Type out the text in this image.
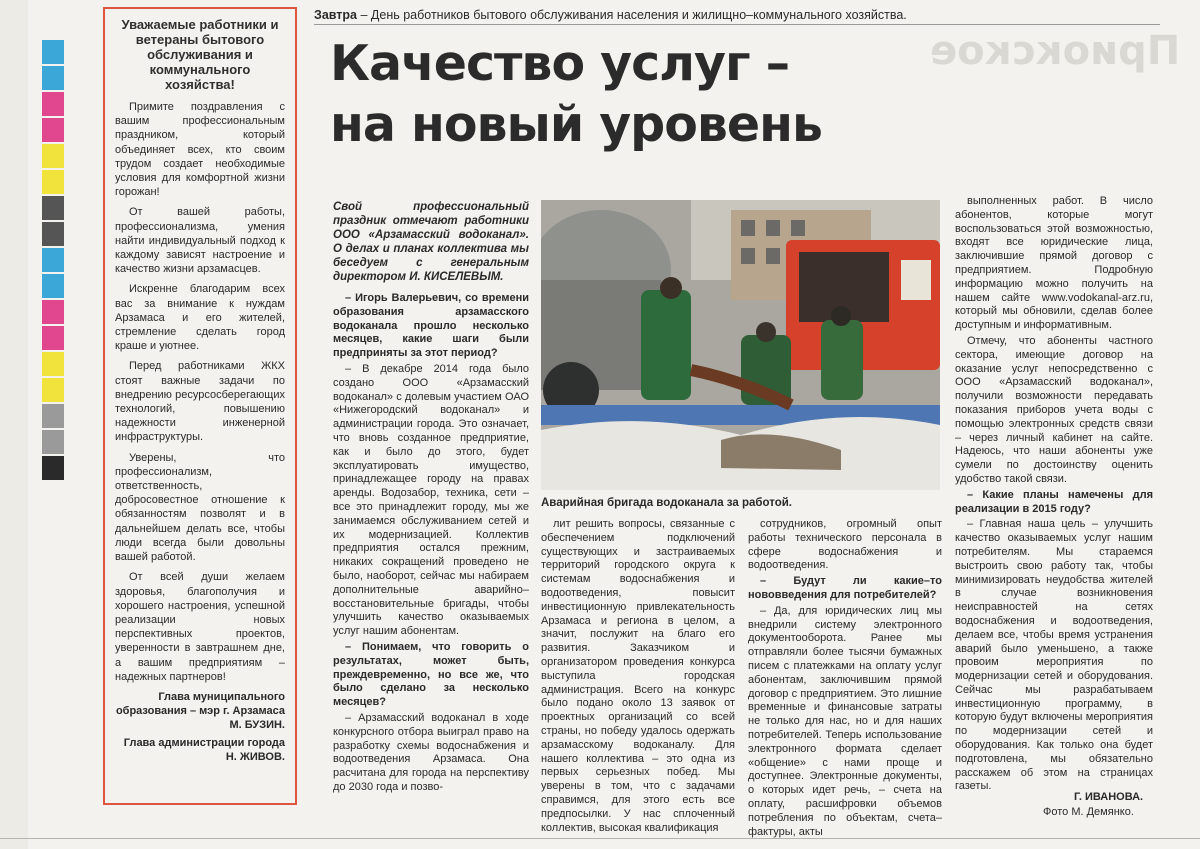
Уважаемые работники и ветераны бытового обслуживания и коммунального хозяйства!

Примите поздравления с вашим профессиональным праздником, который объединяет всех, кто своим трудом создает необходимые условия для комфортной жизни горожан!

От вашей работы, профессионализма, умения найти индивидуальный подход к каждому зависят настроение и качество жизни арзамасцев.

Искренне благодарим всех вас за внимание к нуждам Арзамаса и его жителей, стремление сделать город краше и уютнее.

Перед работниками ЖКХ стоят важные задачи по внедрению ресурсосберегающих технологий, повышению надежности инженерной инфраструктуры.

Уверены, что профессионализм, ответственность, добросовестное отношение к обязанностям позволят и в дальнейшем делать все, чтобы люди всегда были довольны вашей работой.

От всей души желаем здоровья, благополучия и хорошего настроения, успешной реализации новых перспективных проектов, уверенности в завтрашнем дне, а вашим предприятиям – надежных партнеров!

Глава муниципального образования – мэр г. Арзамаса М. БУЗИН.

Глава администрации города Н. ЖИВОВ.

Завтра – День работников бытового обслуживания населения и жилищно–коммунального хозяйства.
Приокское
Качество услуг –
на новый уровень

Свой профессиональный праздник отмечают работники ООО «Арзамасский водоканал». О делах и планах коллектива мы беседуем с генеральным директором И. КИСЕЛЕВЫМ.

– Игорь Валерьевич, со времени образования арзамасского водоканала прошло несколько месяцев, какие шаги были предприняты за этот период?

– В декабре 2014 года было создано ООО «Арзамасский водоканал» с долевым участием ОАО «Нижегородский водоканал» и администрации города. Это означает, что вновь созданное предприятие, как и было до этого, будет эксплуатировать имущество, принадлежащее городу на правах аренды. Водозабор, техника, сети – все это принадлежит городу, мы же занимаемся обслуживанием сетей и их модернизацией. Коллектив предприятия остался прежним, никаких сокращений проведено не было, наоборот, сейчас мы набираем дополнительные аварийно–восстановительные бригады, чтобы улучшить качество оказываемых услуг нашим абонентам.

– Понимаем, что говорить о результатах, может быть, преждевременно, но все же, что было сделано за несколько месяцев?

– Арзамасский водоканал в ходе конкурсного отбора выиграл право на разработку схемы водоснабжения и водоотведения Арзамаса. Она расчитана для города на перспективу до 2030 года и позво-

Аварийная бригада водоканала за работой.

лит решить вопросы, связанные с обеспечением подключений существующих и застраиваемых территорий городского округа к системам водоснабжения и водоотведения, повысит инвестиционную привлекательность Арзамаса и региона в целом, а значит, послужит на благо его развития. Заказчиком и организатором проведения конкурса выступила городская администрация. Всего на конкурс было подано около 13 заявок от проектных организаций со всей страны, но победу удалось одержать арзамасскому водоканалу. Для нашего коллектива – это одна из первых серьезных побед. Мы уверены в том, что с задачами справимся, для этого есть все предпосылки. У нас сплоченный коллектив, высокая квалификация

сотрудников, огромный опыт работы технического персонала в сфере водоснабжения и водоотведения.

– Будут ли какие–то нововведения для потребителей?

– Да, для юридических лиц мы внедрили систему электронного документооборота. Ранее мы отправляли более тысячи бумажных писем с платежками на оплату услуг абонентам, заключившим прямой договор с предприятием. Это лишние временные и финансовые затраты не только для нас, но и для наших потребителей. Теперь использование электронного формата сделает «общение» с нами проще и доступнее. Электронные документы, о которых идет речь, – счета на оплату, расшифровки объемов потребления по объектам, счета–фактуры, акты

выполненных работ. В число абонентов, которые могут воспользоваться этой возможностью, входят все юридические лица, заключившие прямой договор с предприятием. Подробную информацию можно получить на нашем сайте www.vodokanal-arz.ru, который мы обновили, сделав более доступным и информативным.

Отмечу, что абоненты частного сектора, имеющие договор на оказание услуг непосредственно с ООО «Арзамасский водоканал», получили возможности передавать показания приборов учета воды с помощью электронных средств связи – через личный кабинет на сайте. Надеюсь, что наши абоненты уже сумели по достоинству оценить удобство такой связи.

– Какие планы намечены для реализации в 2015 году?

– Главная наша цель – улучшить качество оказываемых услуг нашим потребителям. Мы стараемся выстроить свою работу так, чтобы минимизировать неудобства жителей в случае возникновения неисправностей на сетях водоснабжения и водоотведения, делаем все, чтобы время устранения аварий было уменьшено, а также провоим мероприятия по модернизации сетей и оборудования. Сейчас мы разрабатываем инвестиционную программу, в которую будут включены мероприятия по модернизации сетей и оборудования. Как только она будет подготовлена, мы обязательно расскажем об этом на страницах газеты.

Г. ИВАНОВА.
Фото М. Демянко.
